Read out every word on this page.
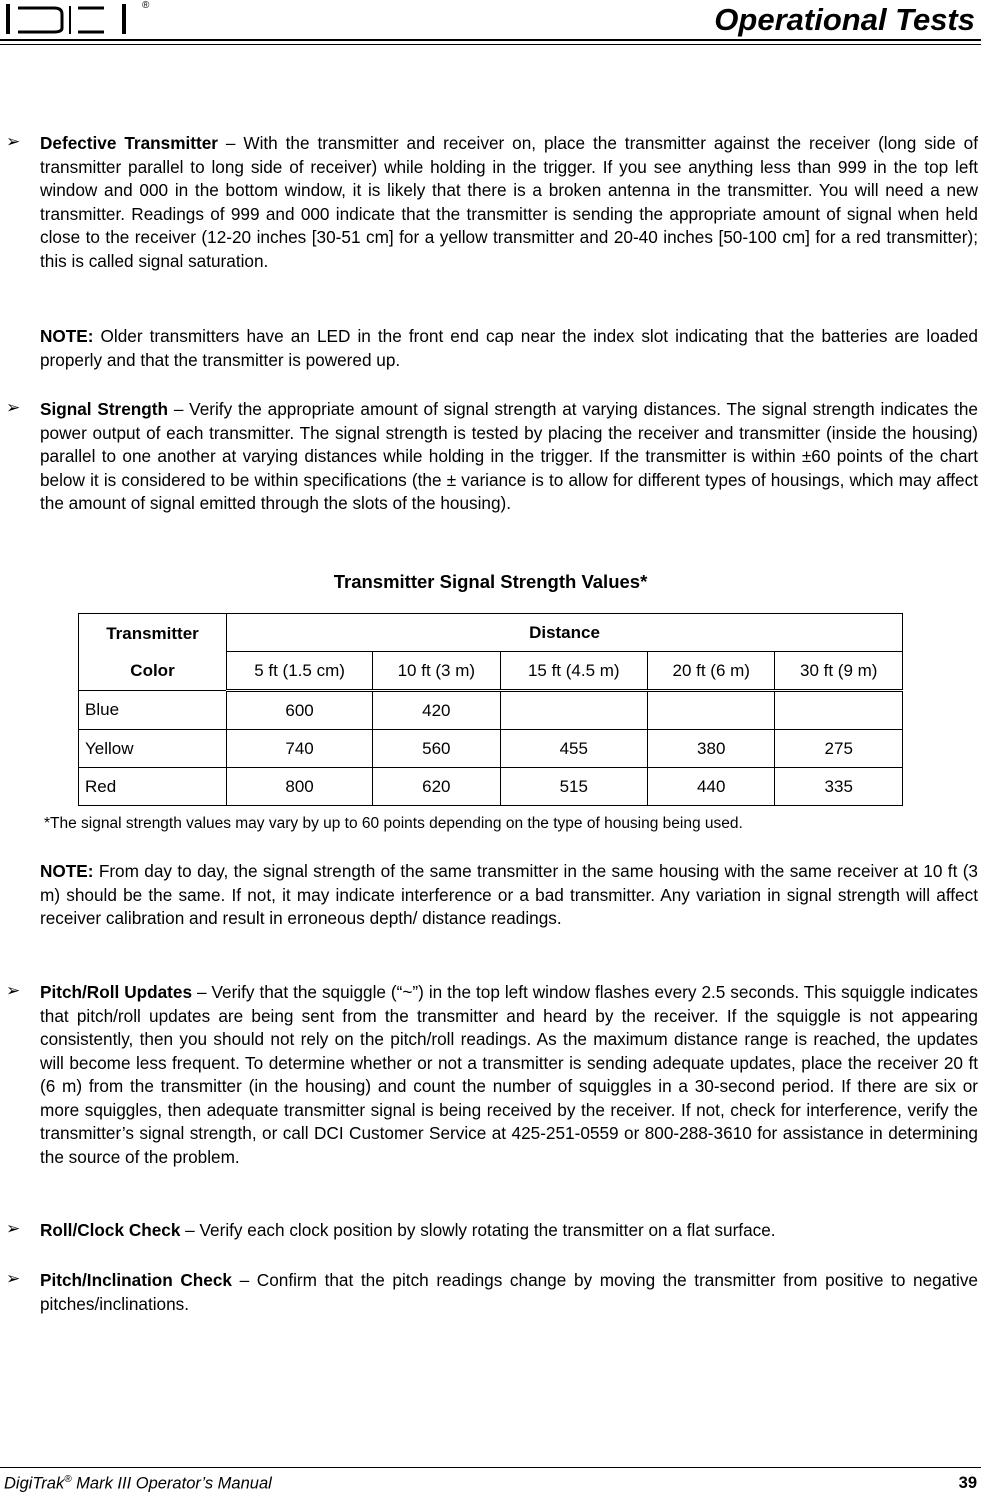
®	Operational Tests
➢ Defective Transmitter – With the transmitter and receiver on, place the transmitter against the receiver (long side of transmitter parallel to long side of receiver) while holding in the trigger. If you see anything less than 999 in the top left window and 000 in the bottom window, it is likely that there is a broken antenna in the transmitter. You will need a new transmitter. Readings of 999 and 000 indicate that the transmitter is sending the appropriate amount of signal when held close to the receiver (12-20 inches [30-51 cm] for a yellow transmitter and 20-40 inches [50-100 cm] for a red transmitter); this is called signal saturation.

NOTE: Older transmitters have an LED in the front end cap near the index slot indicating that the batteries are loaded properly and that the transmitter is powered up.

➢ Signal Strength – Verify the appropriate amount of signal strength at varying distances. The signal strength indicates the power output of each transmitter. The signal strength is tested by placing the receiver and transmitter (inside the housing) parallel to one another at varying distances while holding in the trigger. If the transmitter is within ±60 points of the chart below it is considered to be within specifications (the ± variance is to allow for different types of housings, which may affect the amount of signal emitted through the slots of the housing).

Transmitter Signal Strength Values*
Transmitter
Color	Distance				
	5 ft (1.5 cm)	10 ft (3 m)	15 ft (4.5 m)	20 ft (6 m)	30 ft (9 m)
Blue	600	420			
Yellow	740	560	455	380	275
Red	800	620	515	440	335
*The signal strength values may vary by up to 60 points depending on the type of housing being used.

NOTE: From day to day, the signal strength of the same transmitter in the same housing with the same receiver at 10 ft (3 m) should be the same. If not, it may indicate interference or a bad transmitter. Any variation in signal strength will affect receiver calibration and result in erroneous depth/ distance readings.

➢ Pitch/Roll Updates – Verify that the squiggle (“~”) in the top left window flashes every 2.5 seconds. This squiggle indicates that pitch/roll updates are being sent from the transmitter and heard by the receiver. If the squiggle is not appearing consistently, then you should not rely on the pitch/roll readings. As the maximum distance range is reached, the updates will become less frequent. To determine whether or not a transmitter is sending adequate updates, place the receiver 20 ft (6 m) from the transmitter (in the housing) and count the number of squiggles in a 30-second period. If there are six or more squiggles, then adequate transmitter signal is being received by the receiver. If not, check for interference, verify the transmitter’s signal strength, or call DCI Customer Service at 425-251-0559 or 800-288-3610 for assistance in determining the source of the problem.

➢ Roll/Clock Check – Verify each clock position by slowly rotating the transmitter on a flat surface.

➢ Pitch/Inclination Check – Confirm that the pitch readings change by moving the transmitter from positive to negative pitches/inclinations.

DigiTrak® Mark III Operator’s Manual	39
